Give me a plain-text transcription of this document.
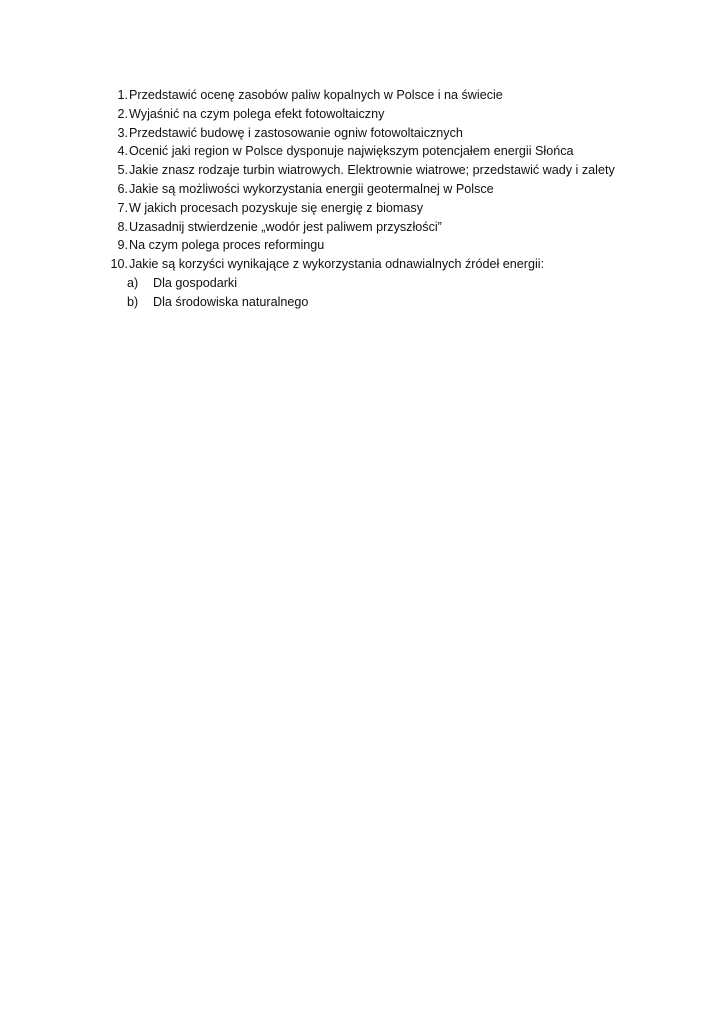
1. Przedstawić ocenę zasobów paliw kopalnych w Polsce i na świecie
2. Wyjaśnić na czym polega efekt fotowoltaiczny
3. Przedstawić budowę i zastosowanie ogniw fotowoltaicznych
4. Ocenić jaki region w Polsce dysponuje największym potencjałem energii Słońca
5. Jakie znasz rodzaje turbin wiatrowych. Elektrownie wiatrowe; przedstawić wady i zalety
6. Jakie są możliwości wykorzystania energii geotermalnej w Polsce
7. W jakich procesach pozyskuje się energię z biomasy
8. Uzasadnij stwierdzenie „wodór jest paliwem przyszłości”
9. Na czym polega proces reformingu
10. Jakie są korzyści wynikające z wykorzystania odnawialnych źródeł energii:
a) Dla gospodarki
b) Dla środowiska naturalnego
